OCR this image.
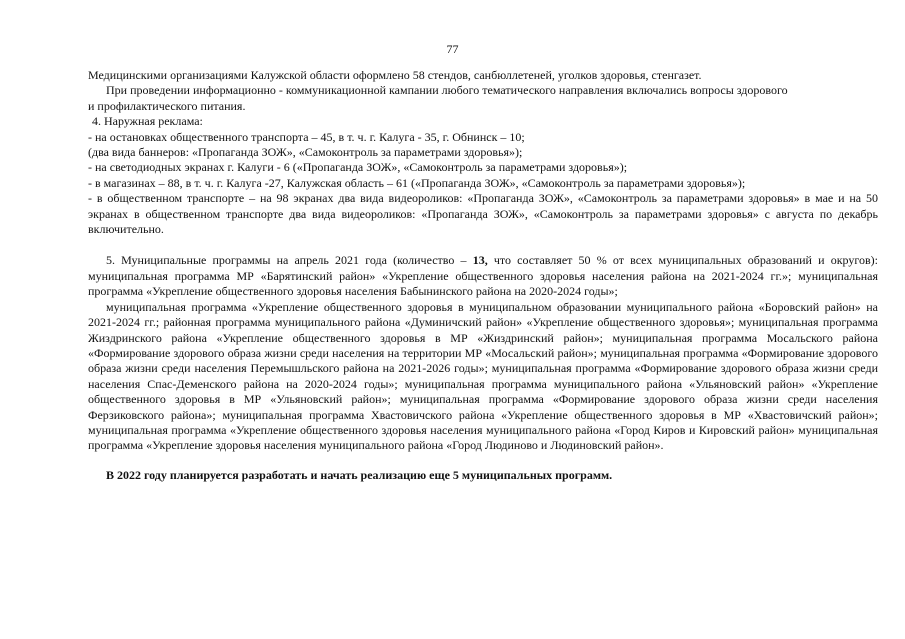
77

Медицинскими организациями Калужской области оформлено 58 стендов, санбюллетеней, уголков здоровья, стенгазет.

При проведении информационно - коммуникационной кампании любого тематического направления включались вопросы здорового

и профилактического питания.

4. Наружная реклама:

- на остановках общественного транспорта – 45, в т. ч. г. Калуга - 35, г. Обнинск – 10;

(два вида баннеров: «Пропаганда ЗОЖ», «Самоконтроль за параметрами здоровья»);

- на светодиодных экранах г. Калуги - 6 («Пропаганда ЗОЖ», «Самоконтроль за параметрами здоровья»);

- в магазинах – 88, в т. ч. г. Калуга -27, Калужская область – 61 («Пропаганда ЗОЖ», «Самоконтроль за параметрами здоровья»);

- в общественном транспорте – на 98 экранах два вида видеороликов: «Пропаганда ЗОЖ», «Самоконтроль за параметрами здоровья» в мае и на 50 экранах в общественном транспорте два вида видеороликов: «Пропаганда ЗОЖ», «Самоконтроль за параметрами здоровья» с августа по декабрь включительно.

5. Муниципальные программы на апрель 2021 года (количество – 13, что составляет 50 % от всех муниципальных образований и округов): муниципальная программа МР «Барятинский район» «Укрепление общественного здоровья населения района на 2021-2024 гг.»; муниципальная программа «Укрепление общественного здоровья населения Бабынинского района на 2020-2024 годы»;

муниципальная программа «Укрепление общественного здоровья в муниципальном образовании муниципального района «Боровский район» на 2021-2024 гг.; районная программа муниципального района «Думиничский район» «Укрепление общественного здоровья»; муниципальная программа Жиздринского района «Укрепление общественного здоровья в МР «Жиздринский район»; муниципальная программа Мосальского района «Формирование здорового образа жизни среди населения на территории МР «Мосальский район»; муниципальная программа «Формирование здорового образа жизни среди населения Перемышльского района на 2021-2026 годы»; муниципальная программа «Формирование здорового образа жизни среди населения Спас-Деменского района на 2020-2024 годы»; муниципальная программа муниципального района «Ульяновский район» «Укрепление общественного здоровья в МР «Ульяновский район»; муниципальная программа «Формирование здорового образа жизни среди населения Ферзиковского района»; муниципальная программа Хвастовичского района «Укрепление общественного здоровья в МР «Хвастовичский район»; муниципальная программа «Укрепление общественного здоровья населения муниципального района «Город Киров и Кировский район» муниципальная программа «Укрепление здоровья населения муниципального района «Город Людиново и Людиновский район».

В 2022 году планируется разработать и начать реализацию еще 5 муниципальных программ.
